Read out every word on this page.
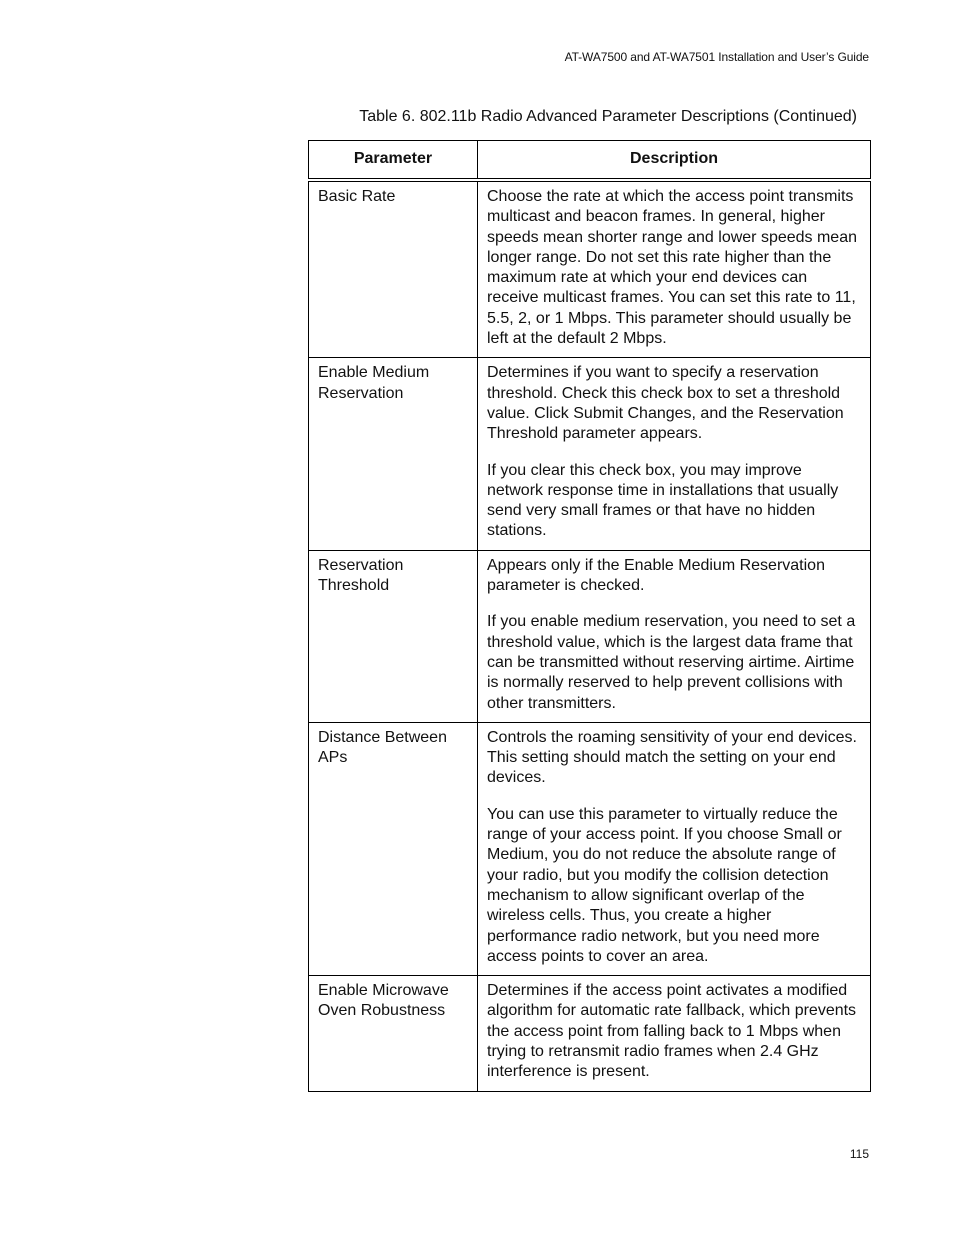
AT-WA7500 and AT-WA7501 Installation and User’s Guide
Table 6. 802.11b Radio Advanced Parameter Descriptions (Continued)
Parameter	Description
Basic Rate	Choose the rate at which the access point transmits multicast and beacon frames. In general, higher speeds mean shorter range and lower speeds mean longer range. Do not set this rate higher than the maximum rate at which your end devices can receive multicast frames. You can set this rate to 11, 5.5, 2, or 1 Mbps. This parameter should usually be left at the default 2 Mbps.

Enable Medium Reservation	Determines if you want to specify a reservation threshold. Check this check box to set a threshold value. Click Submit Changes, and the Reservation Threshold parameter appears.

If you clear this check box, you may improve network response time in installations that usually send very small frames or that have no hidden stations.

Reservation Threshold	Appears only if the Enable Medium Reservation parameter is checked.

If you enable medium reservation, you need to set a threshold value, which is the largest data frame that can be transmitted without reserving airtime. Airtime is normally reserved to help prevent collisions with other transmitters.

Distance Between APs	Controls the roaming sensitivity of your end devices. This setting should match the setting on your end devices.

You can use this parameter to virtually reduce the range of your access point. If you choose Small or Medium, you do not reduce the absolute range of your radio, but you modify the collision detection mechanism to allow significant overlap of the wireless cells. Thus, you create a higher performance radio network, but you need more access points to cover an area.

Enable Microwave Oven Robustness	Determines if the access point activates a modified algorithm for automatic rate fallback, which prevents the access point from falling back to 1 Mbps when trying to retransmit radio frames when 2.4 GHz interference is present.

115
